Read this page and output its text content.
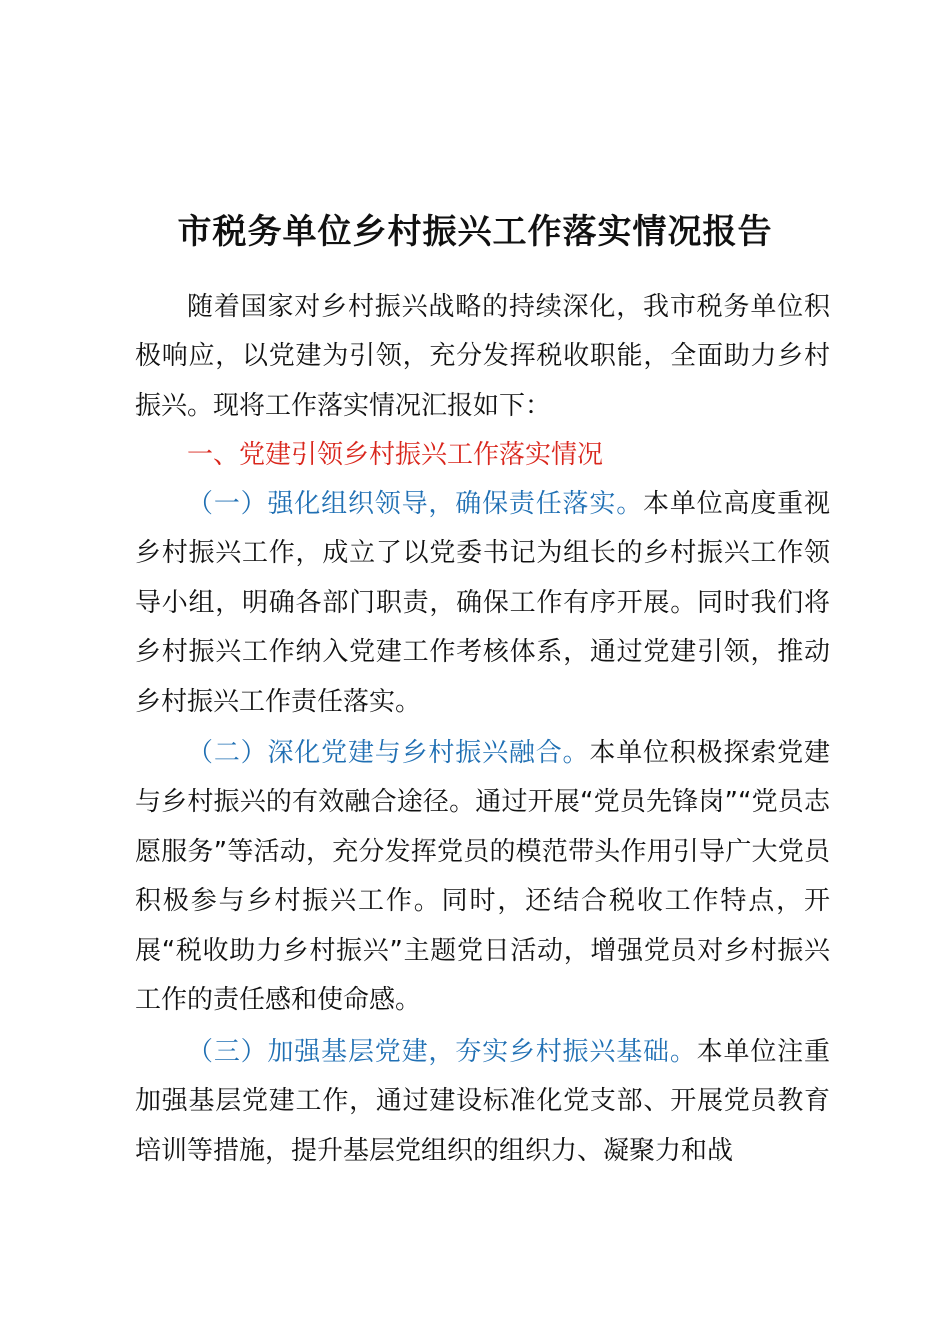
市税务单位乡村振兴工作落实情况报告

随着国家对乡村振兴战略的持续深化，我市税务单位积极响应，以党建为引领，充分发挥税收职能，全面助力乡村振兴。现将工作落实情况汇报如下：

一、党建引领乡村振兴工作落实情况

（一）强化组织领导，确保责任落实。本单位高度重视乡村振兴工作，成立了以党委书记为组长的乡村振兴工作领导小组，明确各部门职责，确保工作有序开展。同时我们将乡村振兴工作纳入党建工作考核体系，通过党建引领，推动乡村振兴工作责任落实。

（二）深化党建与乡村振兴融合。本单位积极探索党建与乡村振兴的有效融合途径。通过开展“党员先锋岗”“党员志愿服务”等活动，充分发挥党员的模范带头作用引导广大党员积极参与乡村振兴工作。同时，还结合税收工作特点，开展“税收助力乡村振兴”主题党日活动，增强党员对乡村振兴工作的责任感和使命感。

（三）加强基层党建，夯实乡村振兴基础。本单位注重加强基层党建工作，通过建设标准化党支部、开展党员教育培训等措施，提升基层党组织的组织力、凝聚力和战
